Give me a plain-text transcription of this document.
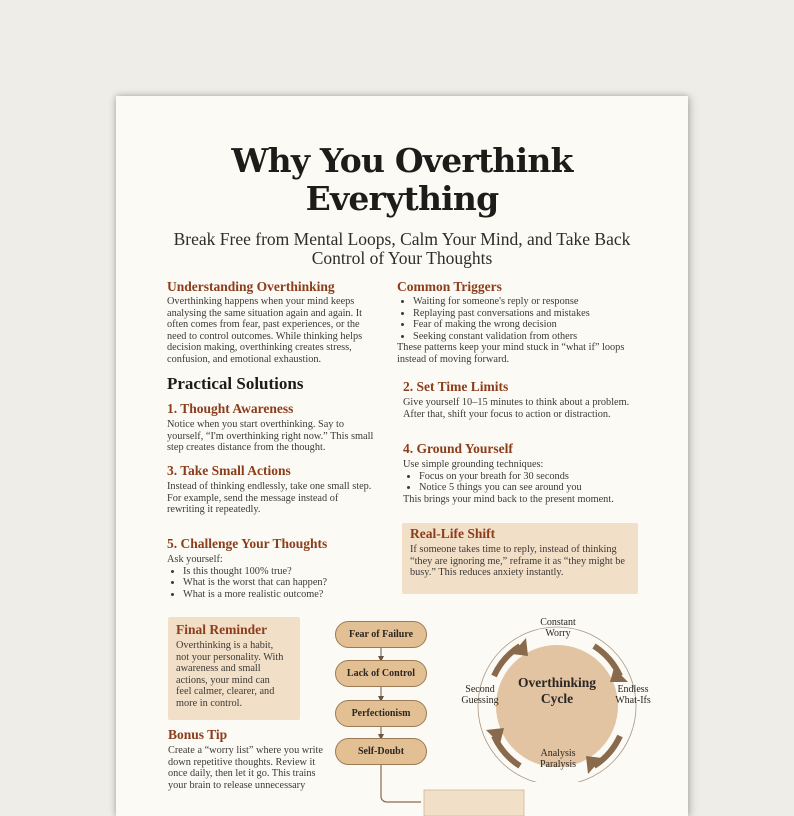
Why You Overthink
Everything
Break Free from Mental Loops, Calm Your Mind, and Take Back
Control of Your Thoughts
Understanding Overthinking

Overthinking happens when your mind keeps

analysing the same situation again and again. It

often comes from fear, past experiences, or the

need to control outcomes. While thinking helps

decision making, overthinking creates stress,

confusion, and emotional exhaustion.

Common Triggers
• Waiting for someone's reply or response
• Replaying past conversations and mistakes
• Fear of making the wrong decision
• Seeking constant validation from others

These patterns keep your mind stuck in “what if” loops

instead of moving forward.

Practical Solutions
1. Thought Awareness

Notice when you start overthinking. Say to

yourself, “I'm overthinking right now.” This small

step creates distance from the thought.

2. Set Time Limits

Give yourself 10–15 minutes to think about a problem.

After that, shift your focus to action or distraction.

3. Take Small Actions

Instead of thinking endlessly, take one small step.

For example, send the message instead of

rewriting it repeatedly.

4. Ground Yourself

Use simple grounding techniques:

• Focus on your breath for 30 seconds
• Notice 5 things you can see around you

This brings your mind back to the present moment.

5. Challenge Your Thoughts

Ask yourself:

• Is this thought 100% true?
• What is the worst that can happen?
• What is a more realistic outcome?
Real-Life Shift

If someone takes time to reply, instead of thinking

“they are ignoring me,” reframe it as “they might be

busy.” This reduces anxiety instantly.

Final Reminder

Overthinking is a habit,

not your personality. With

awareness and small

actions, your mind can

feel calmer, clearer, and

more in control.

Bonus Tip

Create a “worry list” where you write

down repetitive thoughts. Review it

once daily, then let it go. This trains

your brain to release unnecessary

Fear of Failure
Lack of Control
Perfectionism
Self-Doubt
Overthinking
Cycle
Constant
Worry
Endless
What-Ifs
Analysis
Paralysis
Second
Guessing
